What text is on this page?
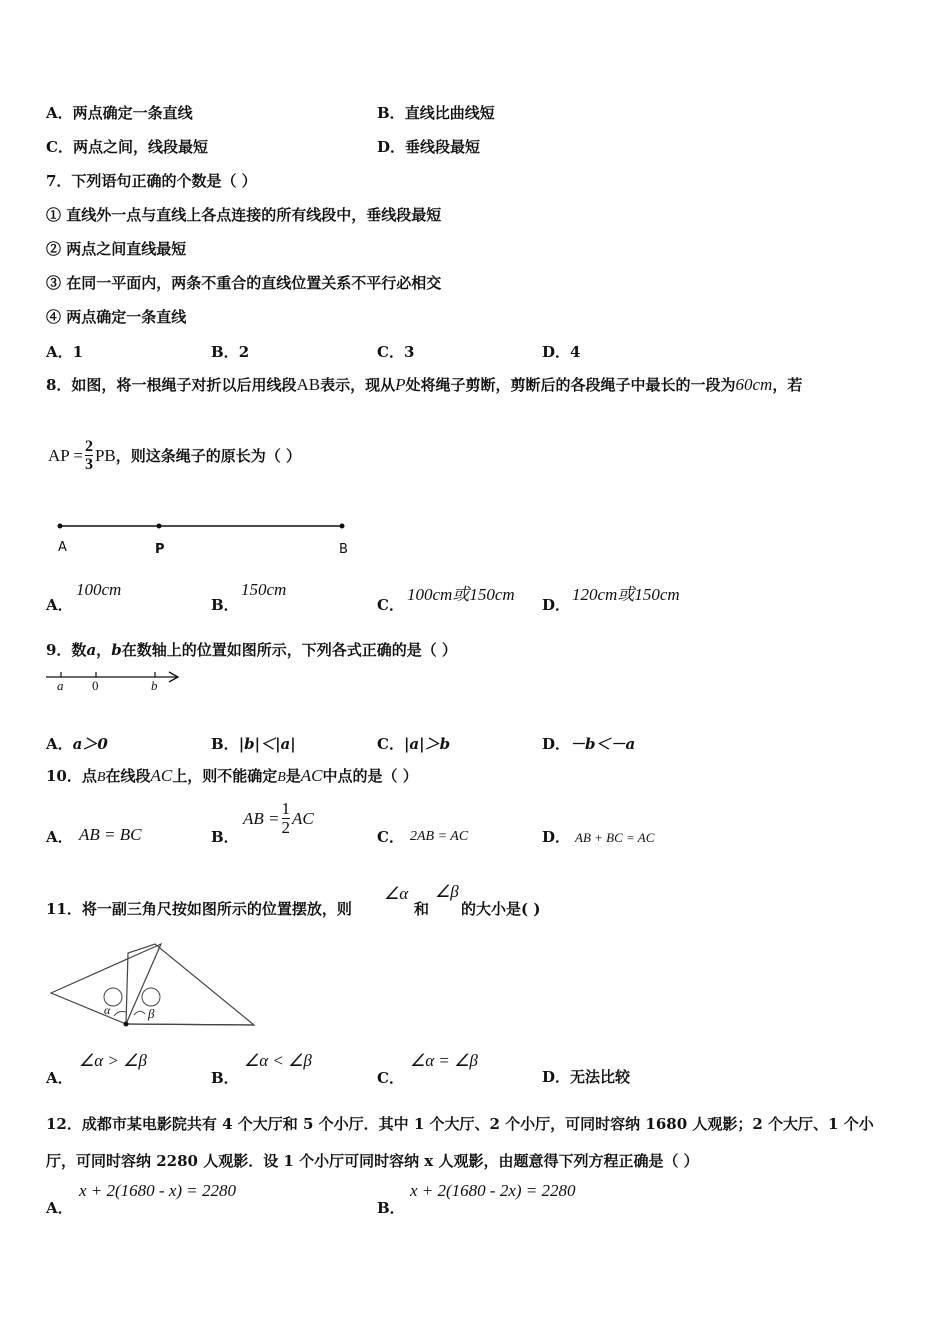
A．两点确定一条直线	B．直线比曲线短
C．两点之间，线段最短	D．垂线段最短
7．下列语句正确的个数是（ ）
① 直线外一点与直线上各点连接的所有线段中，垂线段最短
② 两点之间直线最短
③ 在同一平面内，两条不重合的直线位置关系不平行必相交
④ 两点确定一条直线
A．1	B．2	C．3	D．4
8．如图，将一根绳子对折以后用线段AB表示，现从P处将绳子剪断，剪断后的各段绳子中最长的一段为60cm，若
AP = $\frac{2}{3}$ PB ，则这条绳子的原长为（ ）
A	P	B
A．
100cm
B．
150cm
C．
100cm或150cm
D．
120cm或150cm
9．数a，b在数轴上的位置如图所示，下列各式正确的是（ ）
a 0	b
A．a＞0	B．|b|＜|a|	C．|a|＞b	D．－b＜－a
10．点B在线段AC上，则不能确定B是AC中点的是（ ）
A． AB = BC	B．
AB = $\frac{1}{2}$ AC
C． 2AB = AC	D． AB + BC = AC
11．将一副三角尺按如图所示的位置摆放，则
∠α
和
∠β
的大小是( )
α	β
A．
∠α > ∠β
B．
∠α < ∠β
C．
∠α = ∠β
D．无法比较
12．成都市某电影院共有 4 个大厅和 5 个小厅．其中 1 个大厅、2 个小厅，可同时容纳 1680 人观影；2 个大厅、1 个小
厅，可同时容纳 2280 人观影．设 1 个小厅可同时容纳 x 人观影，由题意得下列方程正确是（ ）
A．
x + 2(1680 - x) = 2280
B．
x + 2(1680 - 2x) = 2280
